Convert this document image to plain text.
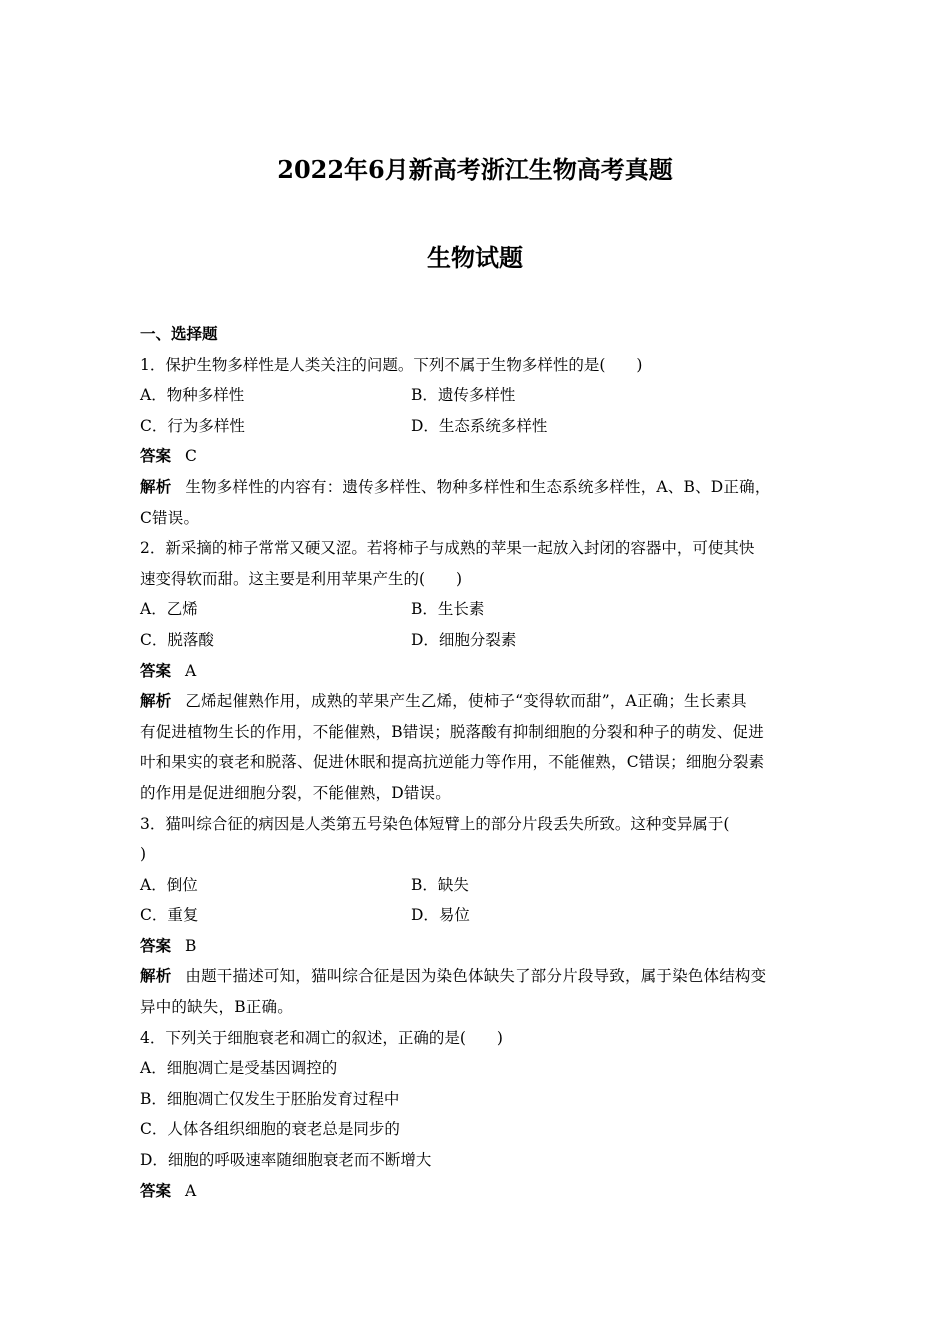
2022年6月新高考浙江生物高考真题
生物试题
一、选择题
1．保护生物多样性是人类关注的问题。下列不属于生物多样性的是(　　)
A．物种多样性	B．遗传多样性
C．行为多样性	D．生态系统多样性
答案 C
解析 生物多样性的内容有：遗传多样性、物种多样性和生态系统多样性，A、B、D正确，
C错误。
2．新采摘的柿子常常又硬又涩。若将柿子与成熟的苹果一起放入封闭的容器中，可使其快
速变得软而甜。这主要是利用苹果产生的(　　)
A．乙烯	B．生长素
C．脱落酸	D．细胞分裂素
答案 A
解析 乙烯起催熟作用，成熟的苹果产生乙烯，使柿子“变得软而甜”，A正确；生长素具
有促进植物生长的作用，不能催熟，B错误；脱落酸有抑制细胞的分裂和种子的萌发、促进
叶和果实的衰老和脱落、促进休眠和提高抗逆能力等作用，不能催熟，C错误；细胞分裂素
的作用是促进细胞分裂，不能催熟，D错误。
3．猫叫综合征的病因是人类第五号染色体短臂上的部分片段丢失所致。这种变异属于(
)
A．倒位	B．缺失
C．重复	D．易位
答案 B
解析 由题干描述可知，猫叫综合征是因为染色体缺失了部分片段导致，属于染色体结构变
异中的缺失，B正确。
4．下列关于细胞衰老和凋亡的叙述，正确的是(　　)
A．细胞凋亡是受基因调控的
B．细胞凋亡仅发生于胚胎发育过程中
C．人体各组织细胞的衰老总是同步的
D．细胞的呼吸速率随细胞衰老而不断增大
答案 A
